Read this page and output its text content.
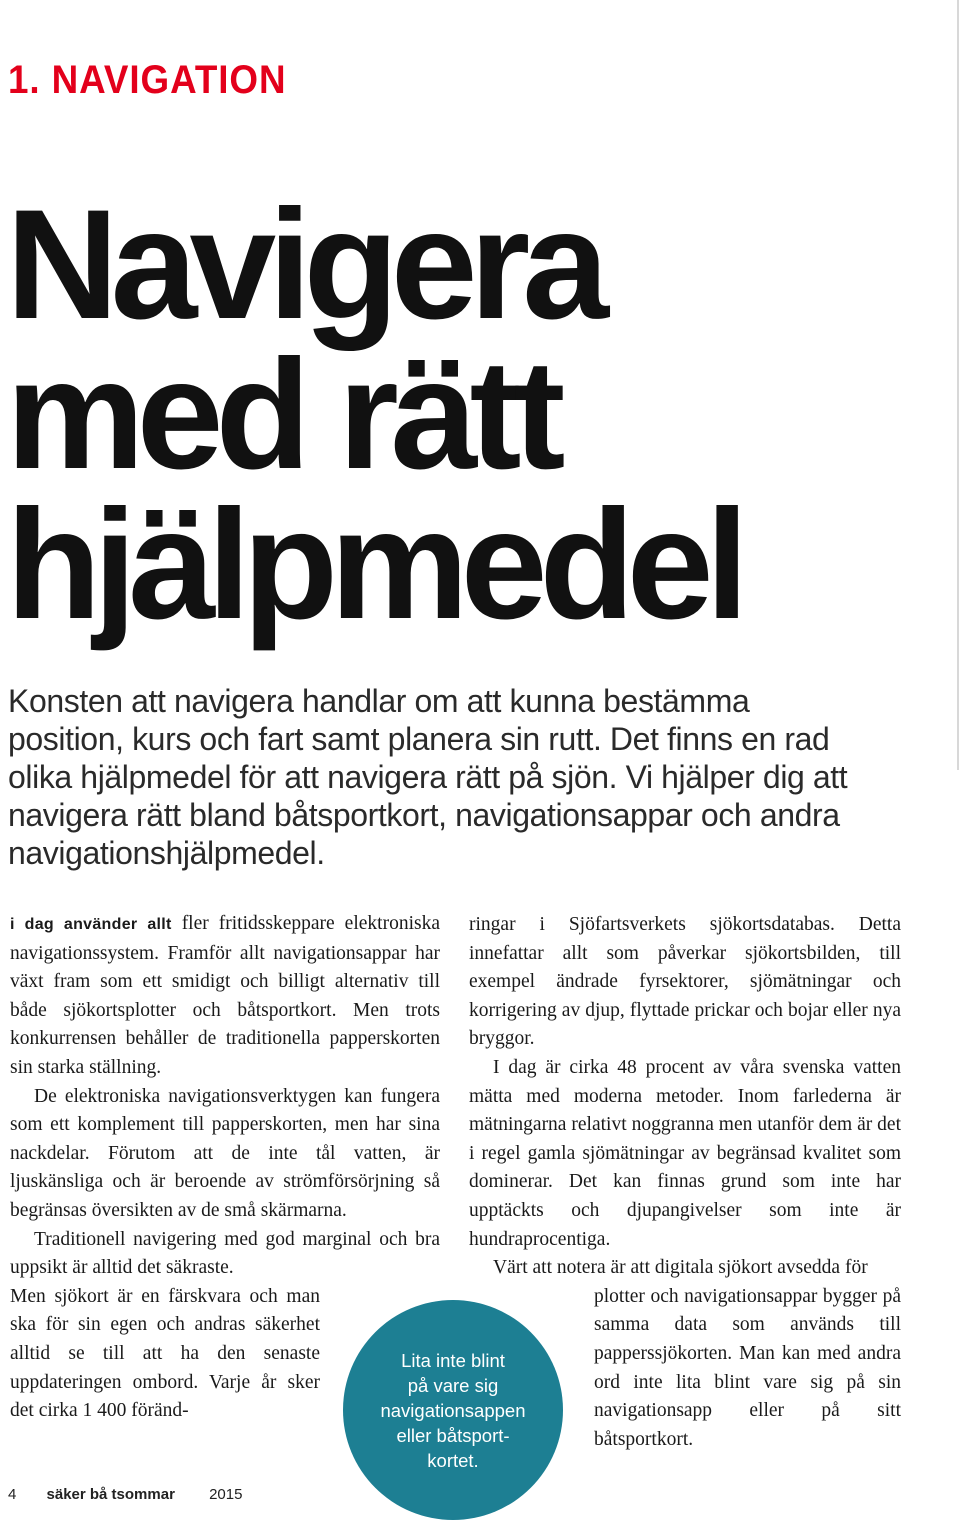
1. NAVIGATION
Navigera
med rätt
hjälpmedel

Konsten att navigera handlar om att kunna bestämma position, kurs och fart samt planera sin rutt. Det finns en rad olika hjälpmedel för att navigera rätt på sjön. Vi hjälper dig att navigera rätt bland båtsportkort, navigationsappar och andra navigationshjälpmedel.

i dag använder allt fler fritidsskeppare elektroniska navigationssystem. Framför allt navigationsappar har växt fram som ett smidigt och billigt alternativ till både sjökortsplotter och båtsportkort. Men trots konkurrensen behåller de traditionella papperskorten sin starka ställning.

De elektroniska navigationsverktygen kan fungera som ett komplement till papperskorten, men har sina nackdelar. Förutom att de inte tål vatten, är ljuskänsliga och är beroende av strömförsörjning så begränsas översikten av de små skärmarna.

Traditionell navigering med god marginal och bra uppsikt är alltid det säkraste.

Men sjökort är en färskvara och man ska för sin egen och andras säkerhet alltid se till att ha den senaste uppdateringen ombord. Varje år sker det cirka 1 400 föränd-

ringar i Sjöfartsverkets sjökortsdatabas. Detta innefattar allt som påverkar sjökortsbilden, till exempel ändrade fyrsektorer, sjömätningar och korrigering av djup, flyttade prickar och bojar eller nya bryggor.

I dag är cirka 48 procent av våra svenska vatten mätta med moderna metoder. Inom farlederna är mätningarna relativt noggranna men utanför dem är det i regel gamla sjömätningar av begränsad kvalitet som dominerar. Det kan finnas grund som inte har upptäckts och djupangivelser som inte är hundraprocentiga.

Värt att notera är att digitala sjökort avsedda för

plotter och navigationsappar bygger på samma data som används till papperssjökorten. Man kan med andra ord inte lita blint vare sig på sin navigationsapp eller på sitt båtsportkort.

Lita inte blint
på vare sig
navigationsappen
eller båtsport-
kortet.
4 säker bå tsommar 2015
